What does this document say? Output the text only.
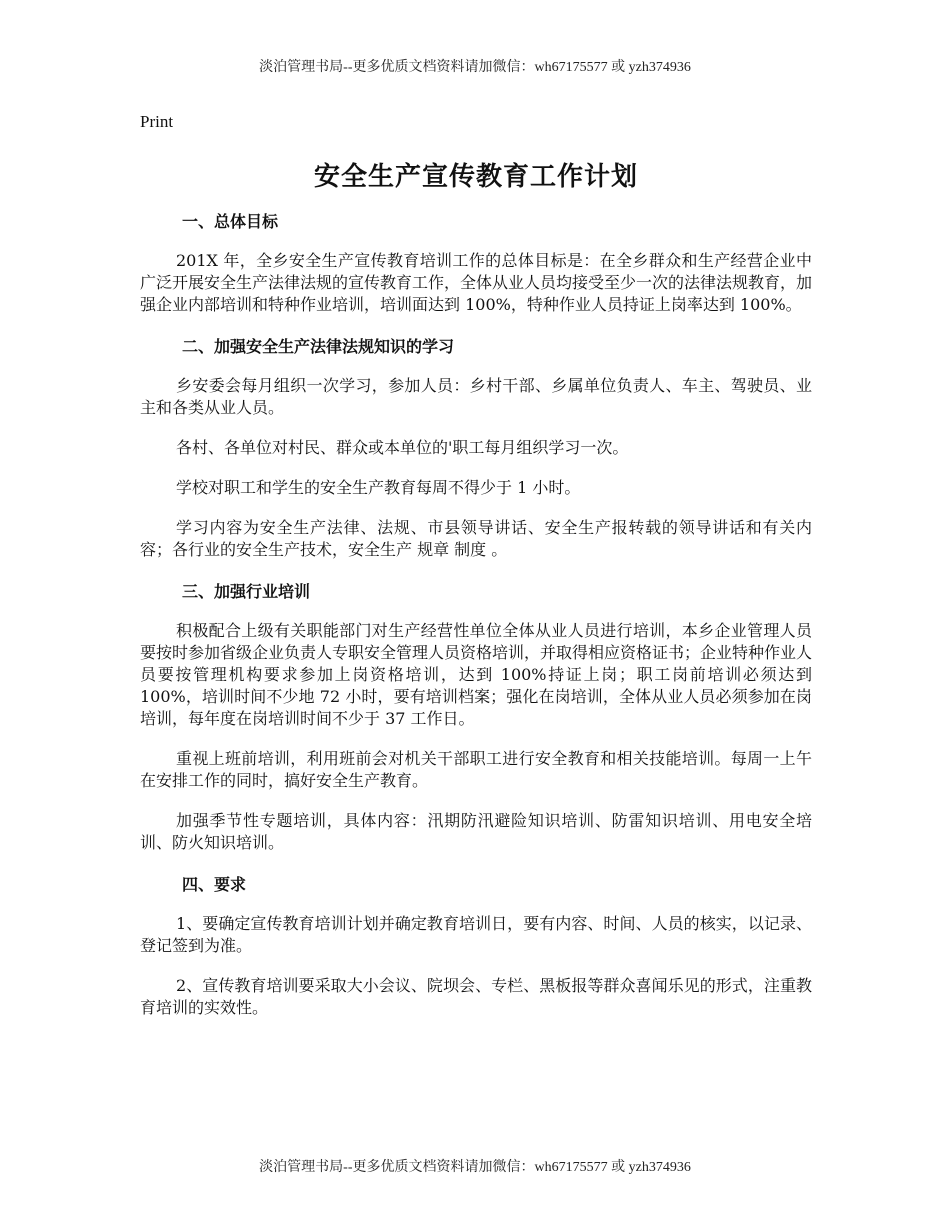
淡泊管理书局--更多优质文档资料请加微信：wh67175577 或 yzh374936
Print
安全生产宣传教育工作计划
一、总体目标

201X 年，全乡安全生产宣传教育培训工作的总体目标是：在全乡群众和生产经营企业中广泛开展安全生产法律法规的宣传教育工作，全体从业人员均接受至少一次的法律法规教育，加强企业内部培训和特种作业培训，培训面达到 100%，特种作业人员持证上岗率达到 100%。

二、加强安全生产法律法规知识的学习

乡安委会每月组织一次学习，参加人员：乡村干部、乡属单位负责人、车主、驾驶员、业主和各类从业人员。

各村、各单位对村民、群众或本单位的'职工每月组织学习一次。

学校对职工和学生的安全生产教育每周不得少于 1 小时。

学习内容为安全生产法律、法规、市县领导讲话、安全生产报转载的领导讲话和有关内容；各行业的安全生产技术，安全生产 规章 制度 。

三、加强行业培训

积极配合上级有关职能部门对生产经营性单位全体从业人员进行培训，本乡企业管理人员要按时参加省级企业负责人专职安全管理人员资格培训，并取得相应资格证书；企业特种作业人员要按管理机构要求参加上岗资格培训，达到 100%持证上岗；职工岗前培训必须达到 100%，培训时间不少地 72 小时，要有培训档案；强化在岗培训，全体从业人员必须参加在岗培训，每年度在岗培训时间不少于 37 工作日。

重视上班前培训，利用班前会对机关干部职工进行安全教育和相关技能培训。每周一上午在安排工作的同时，搞好安全生产教育。

加强季节性专题培训，具体内容：汛期防汛避险知识培训、防雷知识培训、用电安全培训、防火知识培训。

四、要求

1、要确定宣传教育培训计划并确定教育培训日，要有内容、时间、人员的核实，以记录、登记签到为准。

2、宣传教育培训要采取大小会议、院坝会、专栏、黑板报等群众喜闻乐见的形式，注重教育培训的实效性。

淡泊管理书局--更多优质文档资料请加微信：wh67175577 或 yzh374936
